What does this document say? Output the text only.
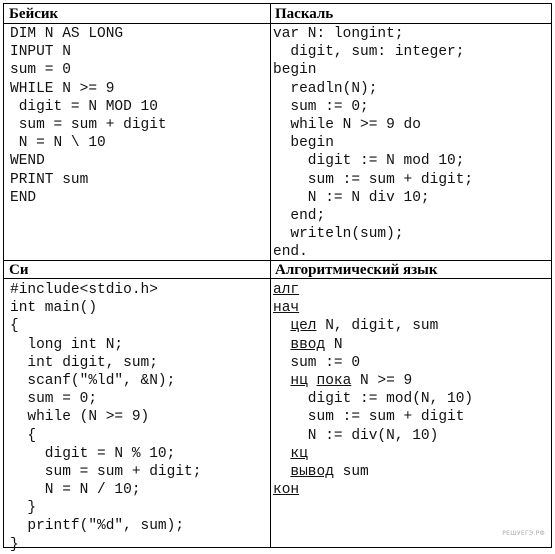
Бейсик	Паскаль
Си	Алгоритмический язык
DIM N AS LONG
INPUT N
sum = 0
WHILE N >= 9
digit = N MOD 10
sum = sum + digit
N = N \ 10
WEND
PRINT sum
END
var N: longint;
digit, sum: integer;
begin
readln(N);
sum := 0;
while N >= 9 do
begin
digit := N mod 10;
sum := sum + digit;
N := N div 10;
end;
writeln(sum);
end.
#include<stdio.h>
int main()
{
long int N;
int digit, sum;
scanf("%ld", &N);
sum = 0;
while (N >= 9)
{
digit = N % 10;
sum = sum + digit;
N = N / 10;
}
printf("%d", sum);
}
алг
нач
цел N, digit, sum
ввод N
sum := 0
нц пока N >= 9
digit := mod(N, 10)
sum := sum + digit
N := div(N, 10)
кц
вывод sum
кон
РЕШУЕГЭ.РФ
